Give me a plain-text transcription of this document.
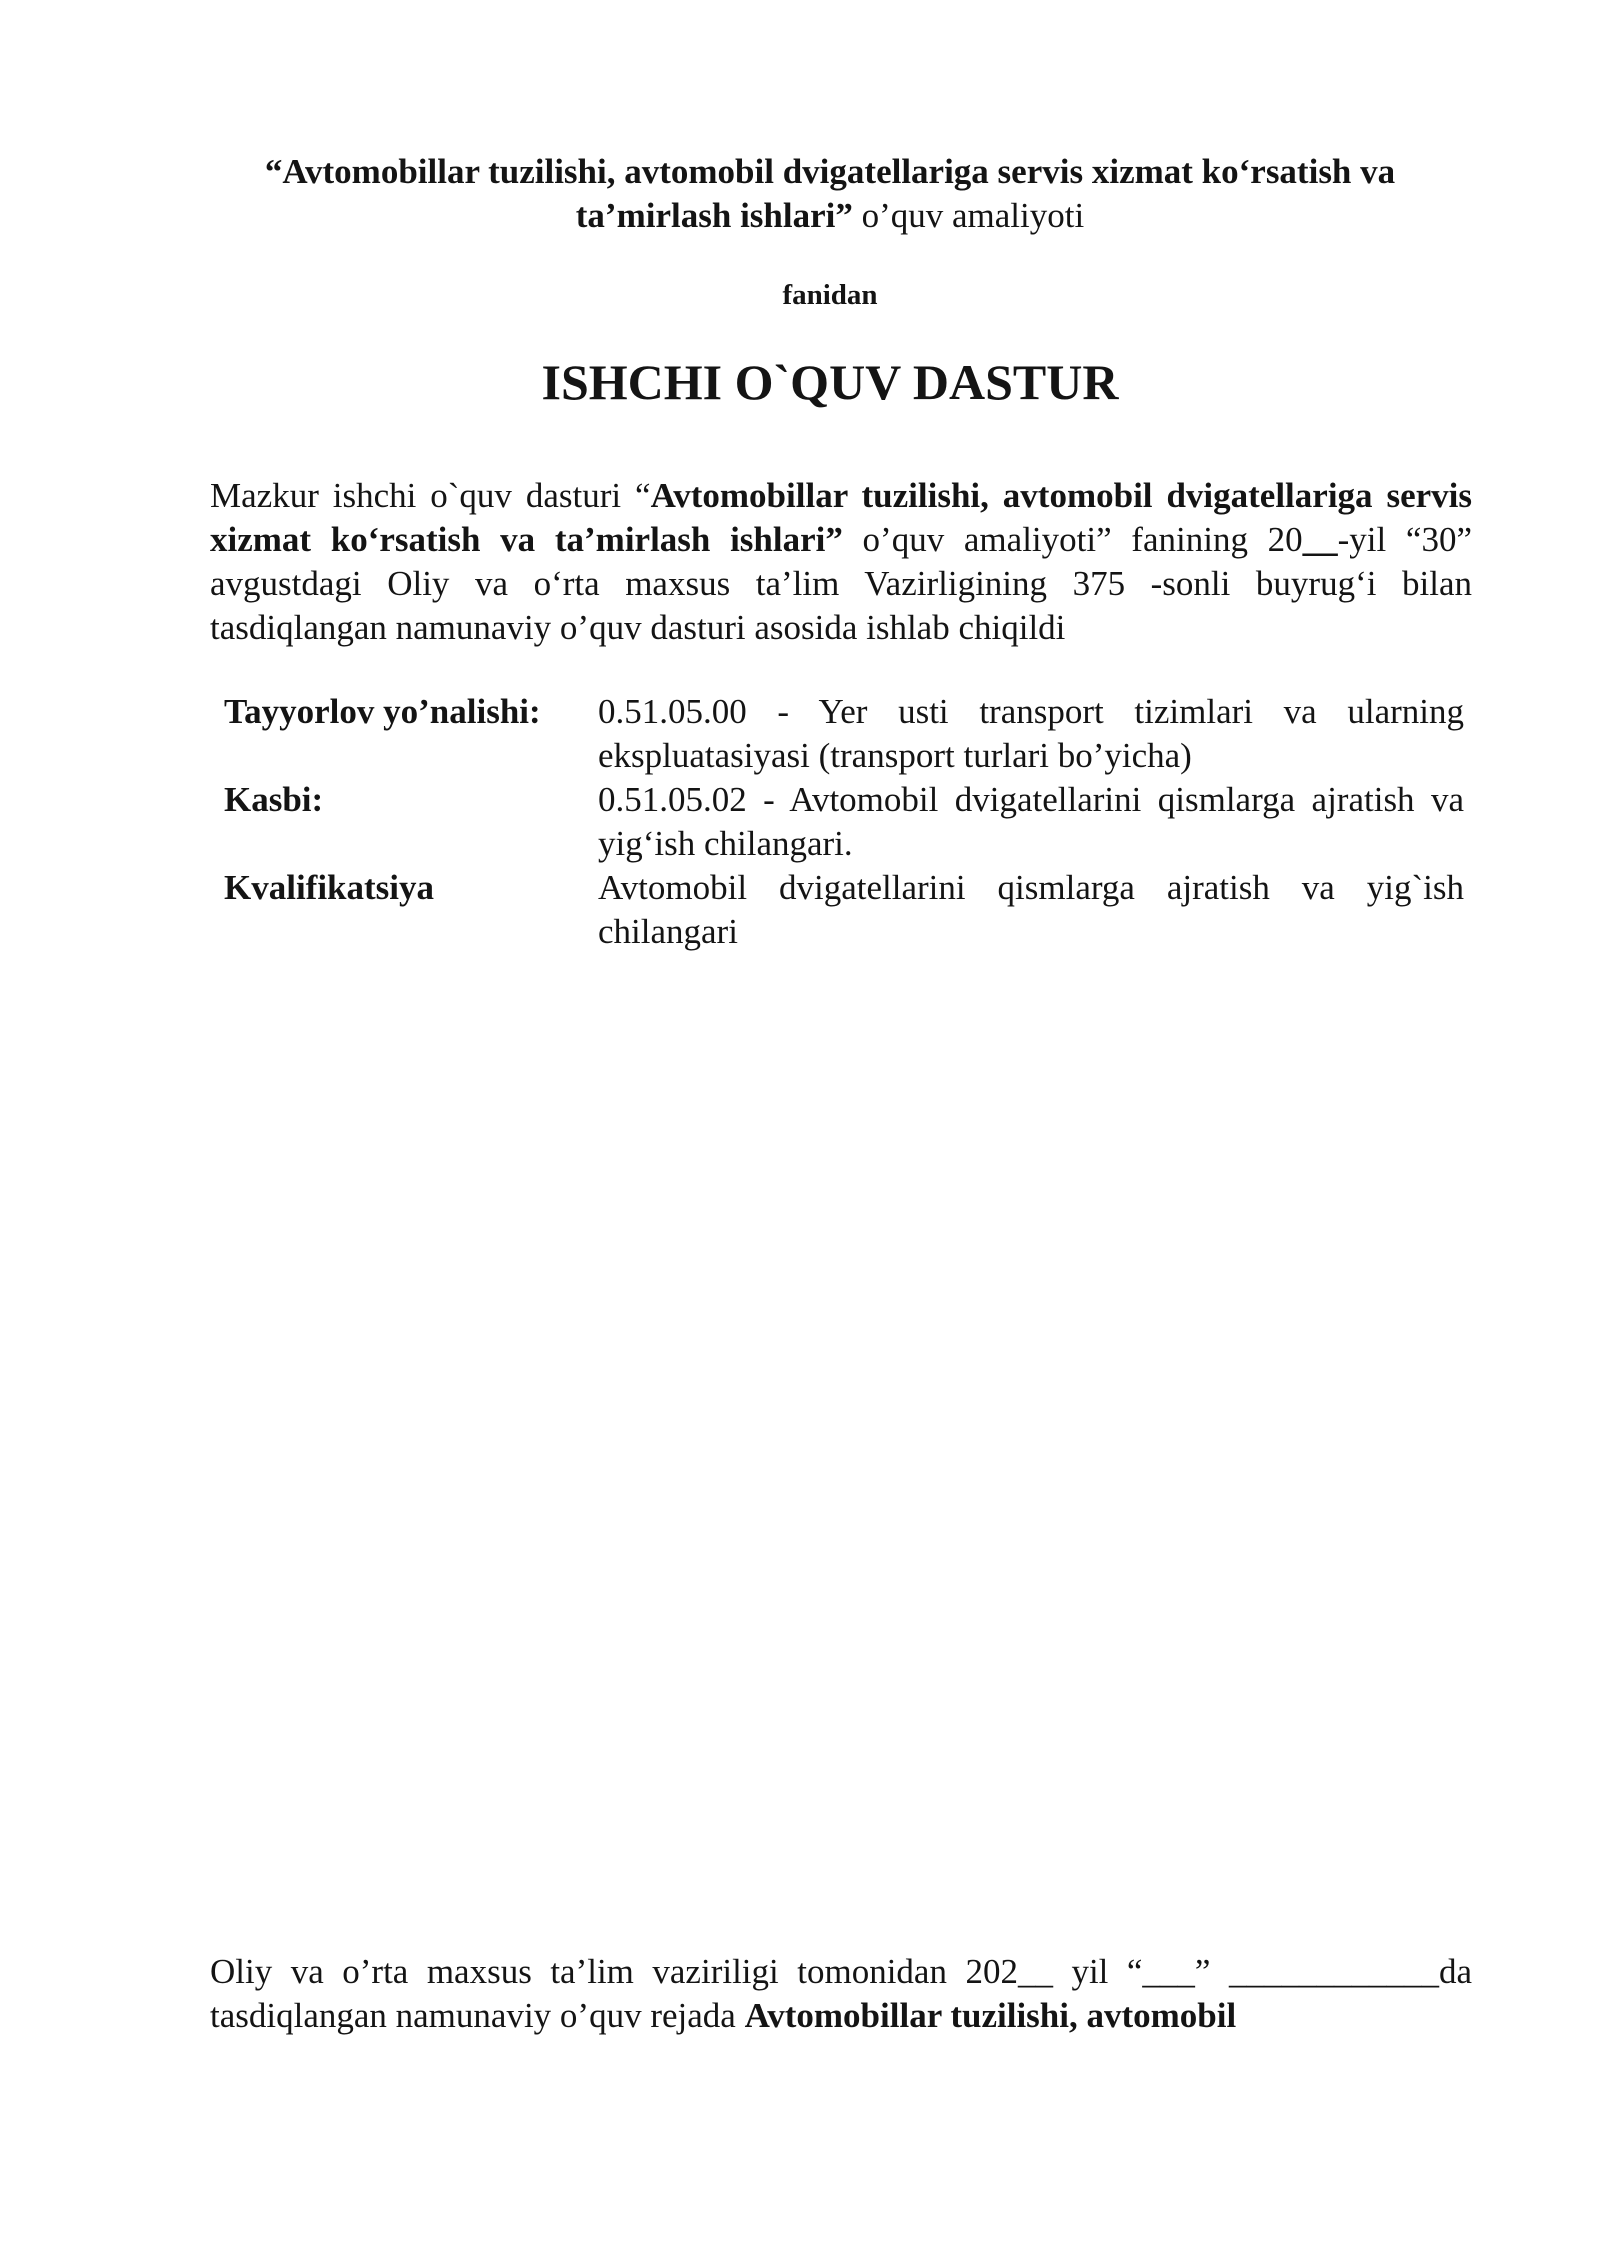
“Avtomobillar tuzilishi, avtomobil dvigatellariga servis xizmat ko‘rsatish va ta’mirlash ishlari” o’quv amaliyoti
fanidan
ISHCHI O`QUV DASTUR
Mazkur ishchi o`quv dasturi “Avtomobillar tuzilishi, avtomobil dvigatellariga servis xizmat ko‘rsatish va ta’mirlash ishlari” o’quv amaliyoti” fanining 20__-yil “30” avgustdagi Oliy va o‘rta maxsus ta’lim Vazirligining 375 -sonli buyrug‘i bilan tasdiqlangan namunaviy o’quv dasturi asosida ishlab chiqildi
Tayyorlov yo’nalishi:	0.51.05.00 - Yer usti transport tizimlari va ularning ekspluatasiyasi (transport turlari bo’yicha)
Kasbi:	0.51.05.02 - Avtomobil dvigatellarini qismlarga ajratish va yig‘ish chilangari.
Kvalifikatsiya	Avtomobil dvigatellarini qismlarga ajratish va yig`ish chilangari
Oliy va o’rta maxsus ta’lim vaziriligi tomonidan 202__ yil “___” ____________da tasdiqlangan namunaviy o’quv rejada Avtomobillar tuzilishi, avtomobil
